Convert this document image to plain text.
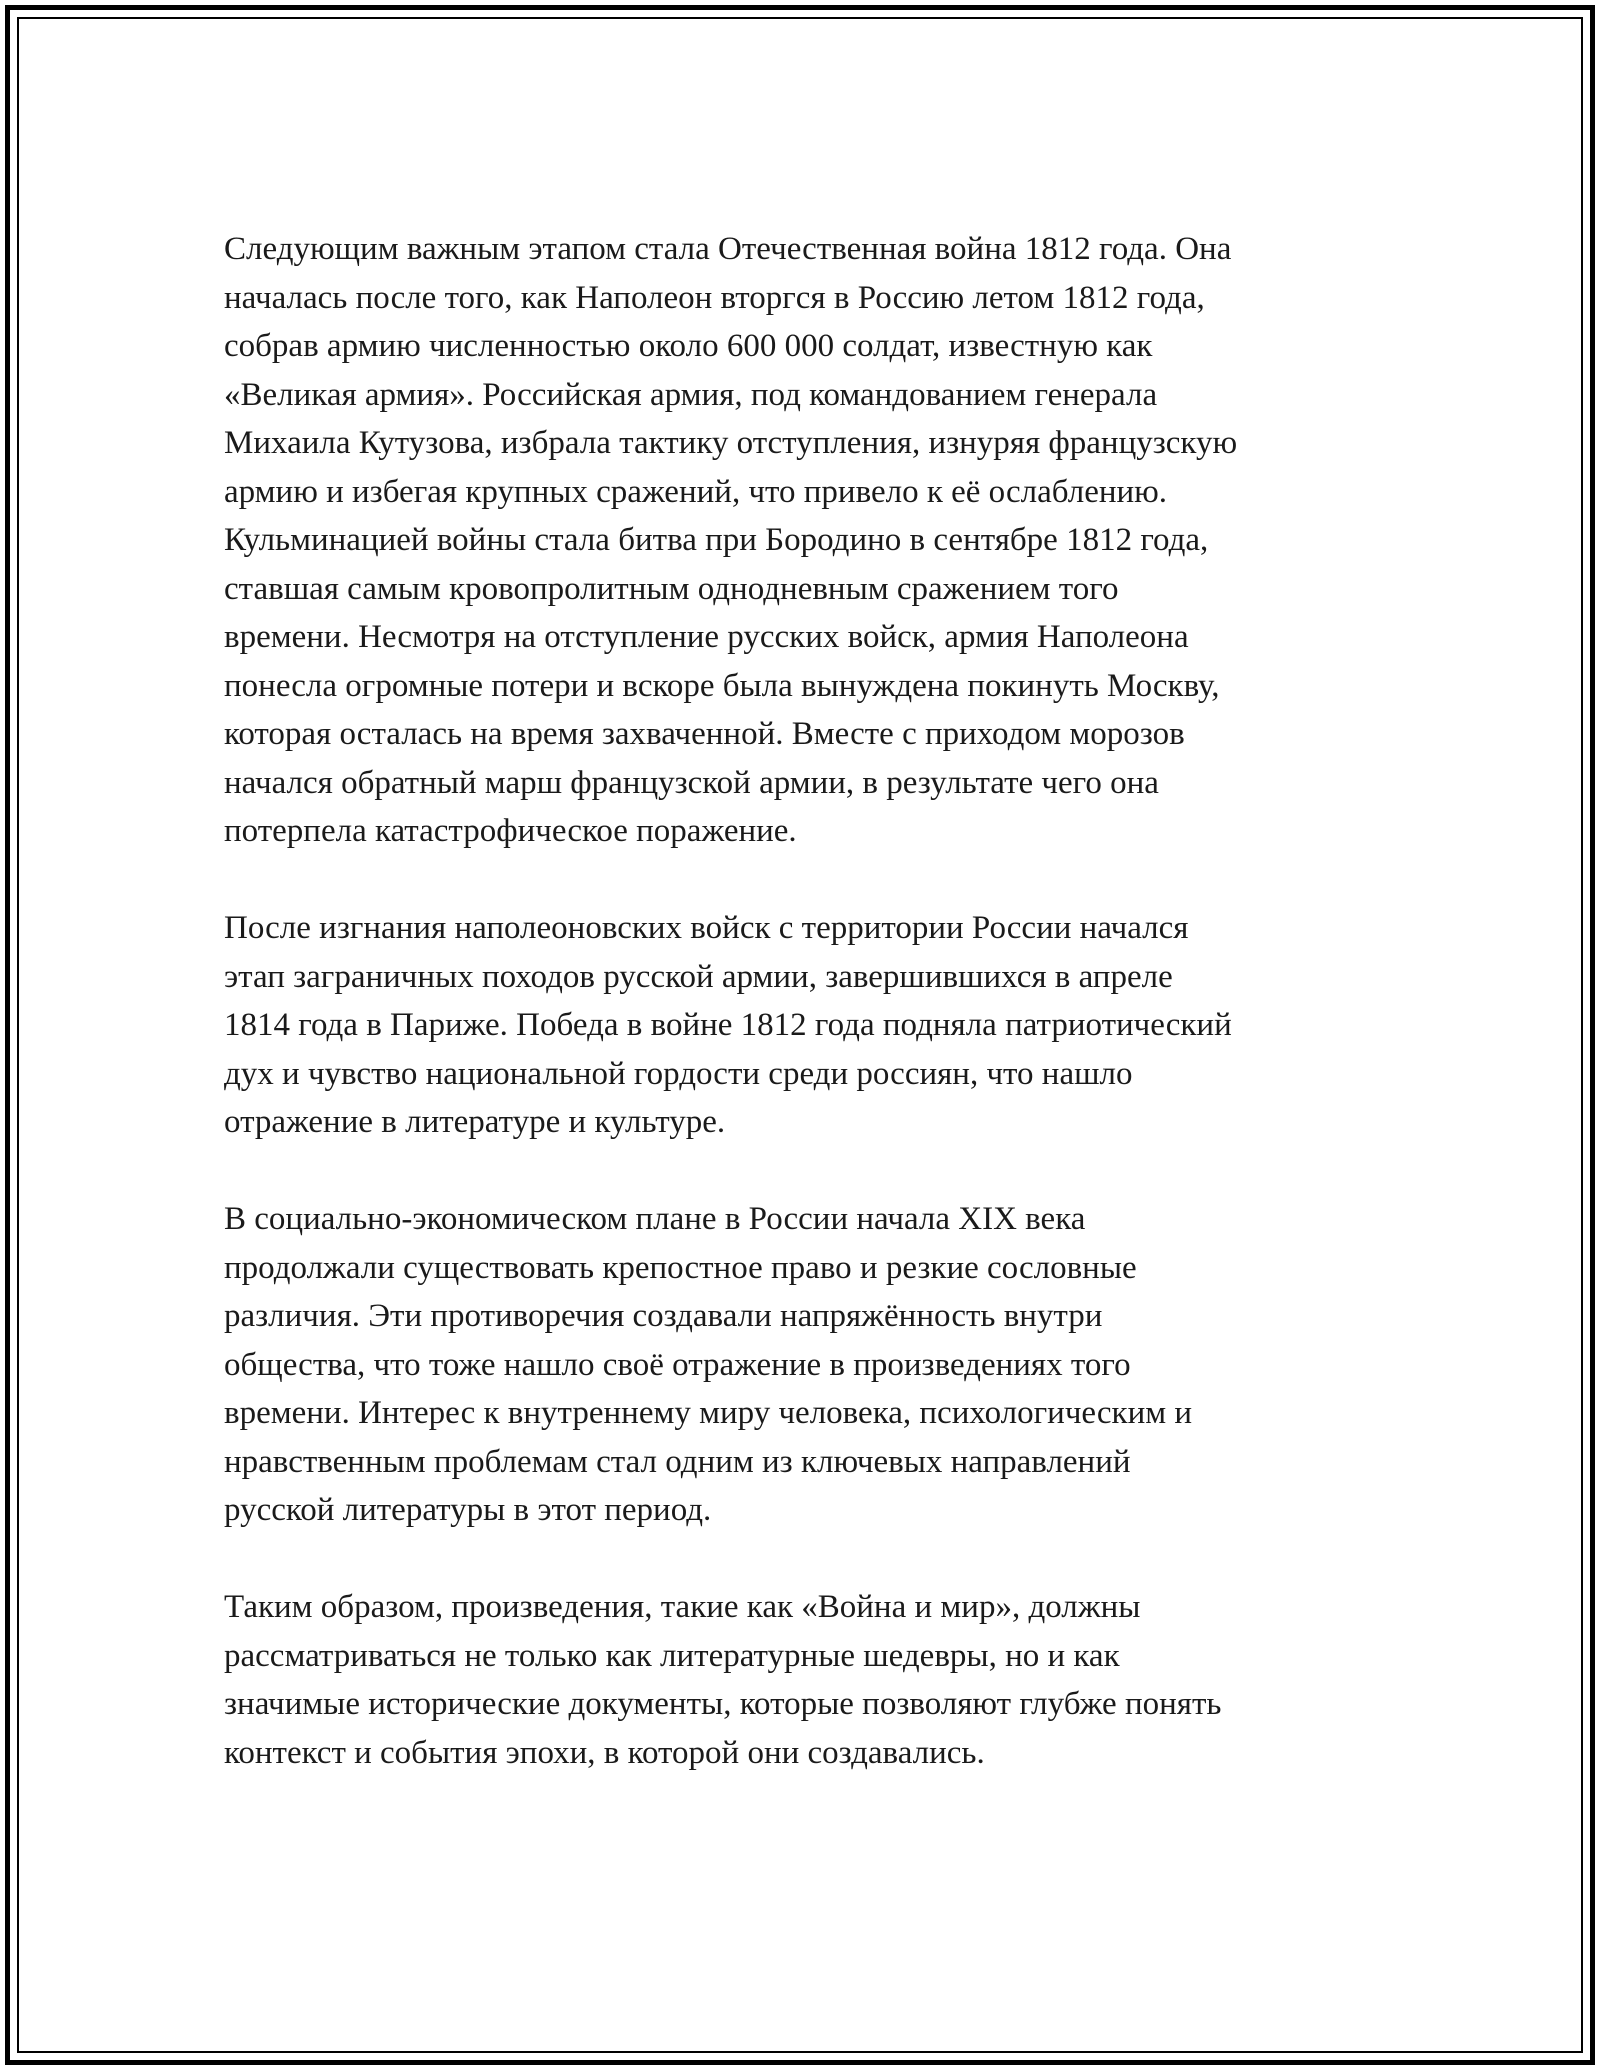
Следующим важным этапом стала Отечественная война 1812 года. Она
началась после того, как Наполеон вторгся в Россию летом 1812 года,
собрав армию численностью около 600 000 солдат, известную как
«Великая армия». Российская армия, под командованием генерала
Михаила Кутузова, избрала тактику отступления, изнуряя французскую
армию и избегая крупных сражений, что привело к её ослаблению.
Кульминацией войны стала битва при Бородино в сентябре 1812 года,
ставшая самым кровопролитным однодневным сражением того
времени. Несмотря на отступление русских войск, армия Наполеона
понесла огромные потери и вскоре была вынуждена покинуть Москву,
которая осталась на время захваченной. Вместе с приходом морозов
начался обратный марш французской армии, в результате чего она
потерпела катастрофическое поражение.

После изгнания наполеоновских войск с территории России начался
этап заграничных походов русской армии, завершившихся в апреле
1814 года в Париже. Победа в войне 1812 года подняла патриотический
дух и чувство национальной гордости среди россиян, что нашло
отражение в литературе и культуре.

В социально-экономическом плане в России начала XIX века
продолжали существовать крепостное право и резкие сословные
различия. Эти противоречия создавали напряжённость внутри
общества, что тоже нашло своё отражение в произведениях того
времени. Интерес к внутреннему миру человека, психологическим и
нравственным проблемам стал одним из ключевых направлений
русской литературы в этот период.

Таким образом, произведения, такие как «Война и мир», должны
рассматриваться не только как литературные шедевры, но и как
значимые исторические документы, которые позволяют глубже понять
контекст и события эпохи, в которой они создавались.
